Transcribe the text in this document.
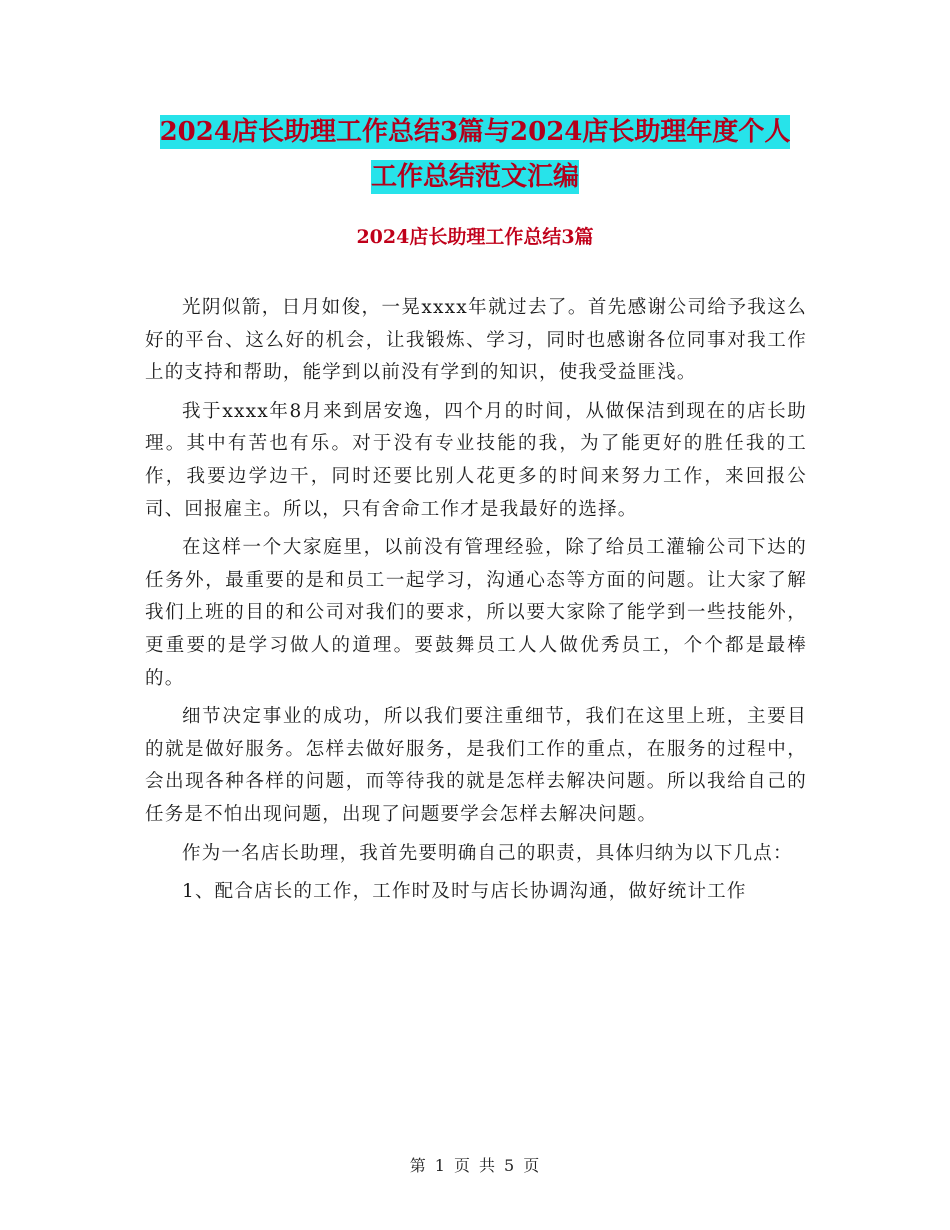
2024店长助理工作总结3篇与2024店长助理年度个人
工作总结范文汇编
2024店长助理工作总结3篇

光阴似箭，日月如俊，一晃xxxx年就过去了。首先感谢公司给予我这么好的平台、这么好的机会，让我锻炼、学习，同时也感谢各位同事对我工作上的支持和帮助，能学到以前没有学到的知识，使我受益匪浅。

我于xxxx年8月来到居安逸，四个月的时间，从做保洁到现在的店长助理。其中有苦也有乐。对于没有专业技能的我，为了能更好的胜任我的工作，我要边学边干，同时还要比别人花更多的时间来努力工作，来回报公司、回报雇主。所以，只有舍命工作才是我最好的选择。

在这样一个大家庭里，以前没有管理经验，除了给员工灌输公司下达的任务外，最重要的是和员工一起学习，沟通心态等方面的问题。让大家了解我们上班的目的和公司对我们的要求，所以要大家除了能学到一些技能外，更重要的是学习做人的道理。要鼓舞员工人人做优秀员工，个个都是最棒的。

细节决定事业的成功，所以我们要注重细节，我们在这里上班，主要目的就是做好服务。怎样去做好服务，是我们工作的重点，在服务的过程中，会出现各种各样的问题，而等待我的就是怎样去解决问题。所以我给自己的任务是不怕出现问题，出现了问题要学会怎样去解决问题。

作为一名店长助理，我首先要明确自己的职责，具体归纳为以下几点：

1、配合店长的工作，工作时及时与店长协调沟通，做好统计工作

第 1 页 共 5 页
